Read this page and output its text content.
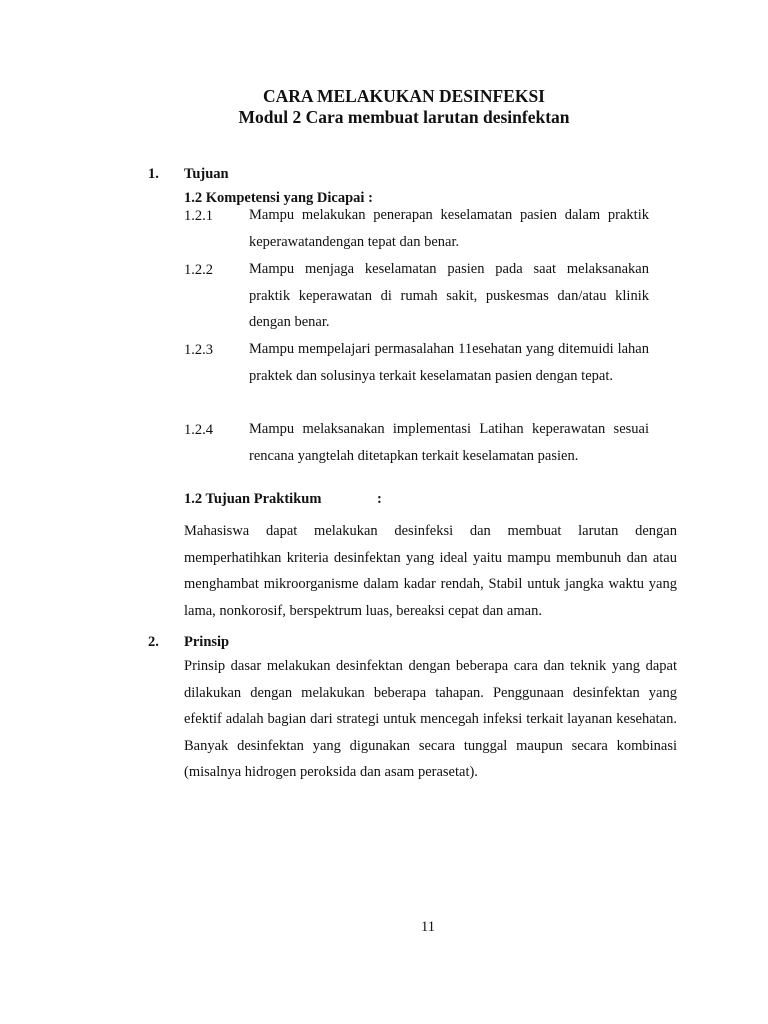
CARA MELAKUKAN DESINFEKSI
Modul 2 Cara membuat larutan desinfektan
1. Tujuan
1.2 Kompetensi yang Dicapai :
1.2.1 Mampu melakukan penerapan keselamatan pasien dalam praktik keperawatandengan tepat dan benar.

1.2.2 Mampu menjaga keselamatan pasien pada saat melaksanakan praktik keperawatan di rumah sakit, puskesmas dan/atau klinik dengan benar.

1.2.3 Mampu mempelajari permasalahan 11esehatan yang ditemuidi lahan praktek dan solusinya terkait keselamatan pasien dengan tepat.

1.2.4 Mampu melaksanakan implementasi Latihan keperawatan sesuai rencana yangtelah ditetapkan terkait keselamatan pasien.

1.2 Tujuan Praktikum	:

Mahasiswa dapat melakukan desinfeksi dan membuat larutan dengan memperhatihkan kriteria desinfektan yang ideal yaitu mampu membunuh dan atau menghambat mikroorganisme dalam kadar rendah, Stabil untuk jangka waktu yang lama, nonkorosif, berspektrum luas, bereaksi cepat dan aman.

2. Prinsip

Prinsip dasar melakukan desinfektan dengan beberapa cara dan teknik yang dapat dilakukan dengan melakukan beberapa tahapan. Penggunaan desinfektan yang efektif adalah bagian dari strategi untuk mencegah infeksi terkait layanan kesehatan. Banyak desinfektan yang digunakan secara tunggal maupun secara kombinasi (misalnya hidrogen peroksida dan asam perasetat).

11
